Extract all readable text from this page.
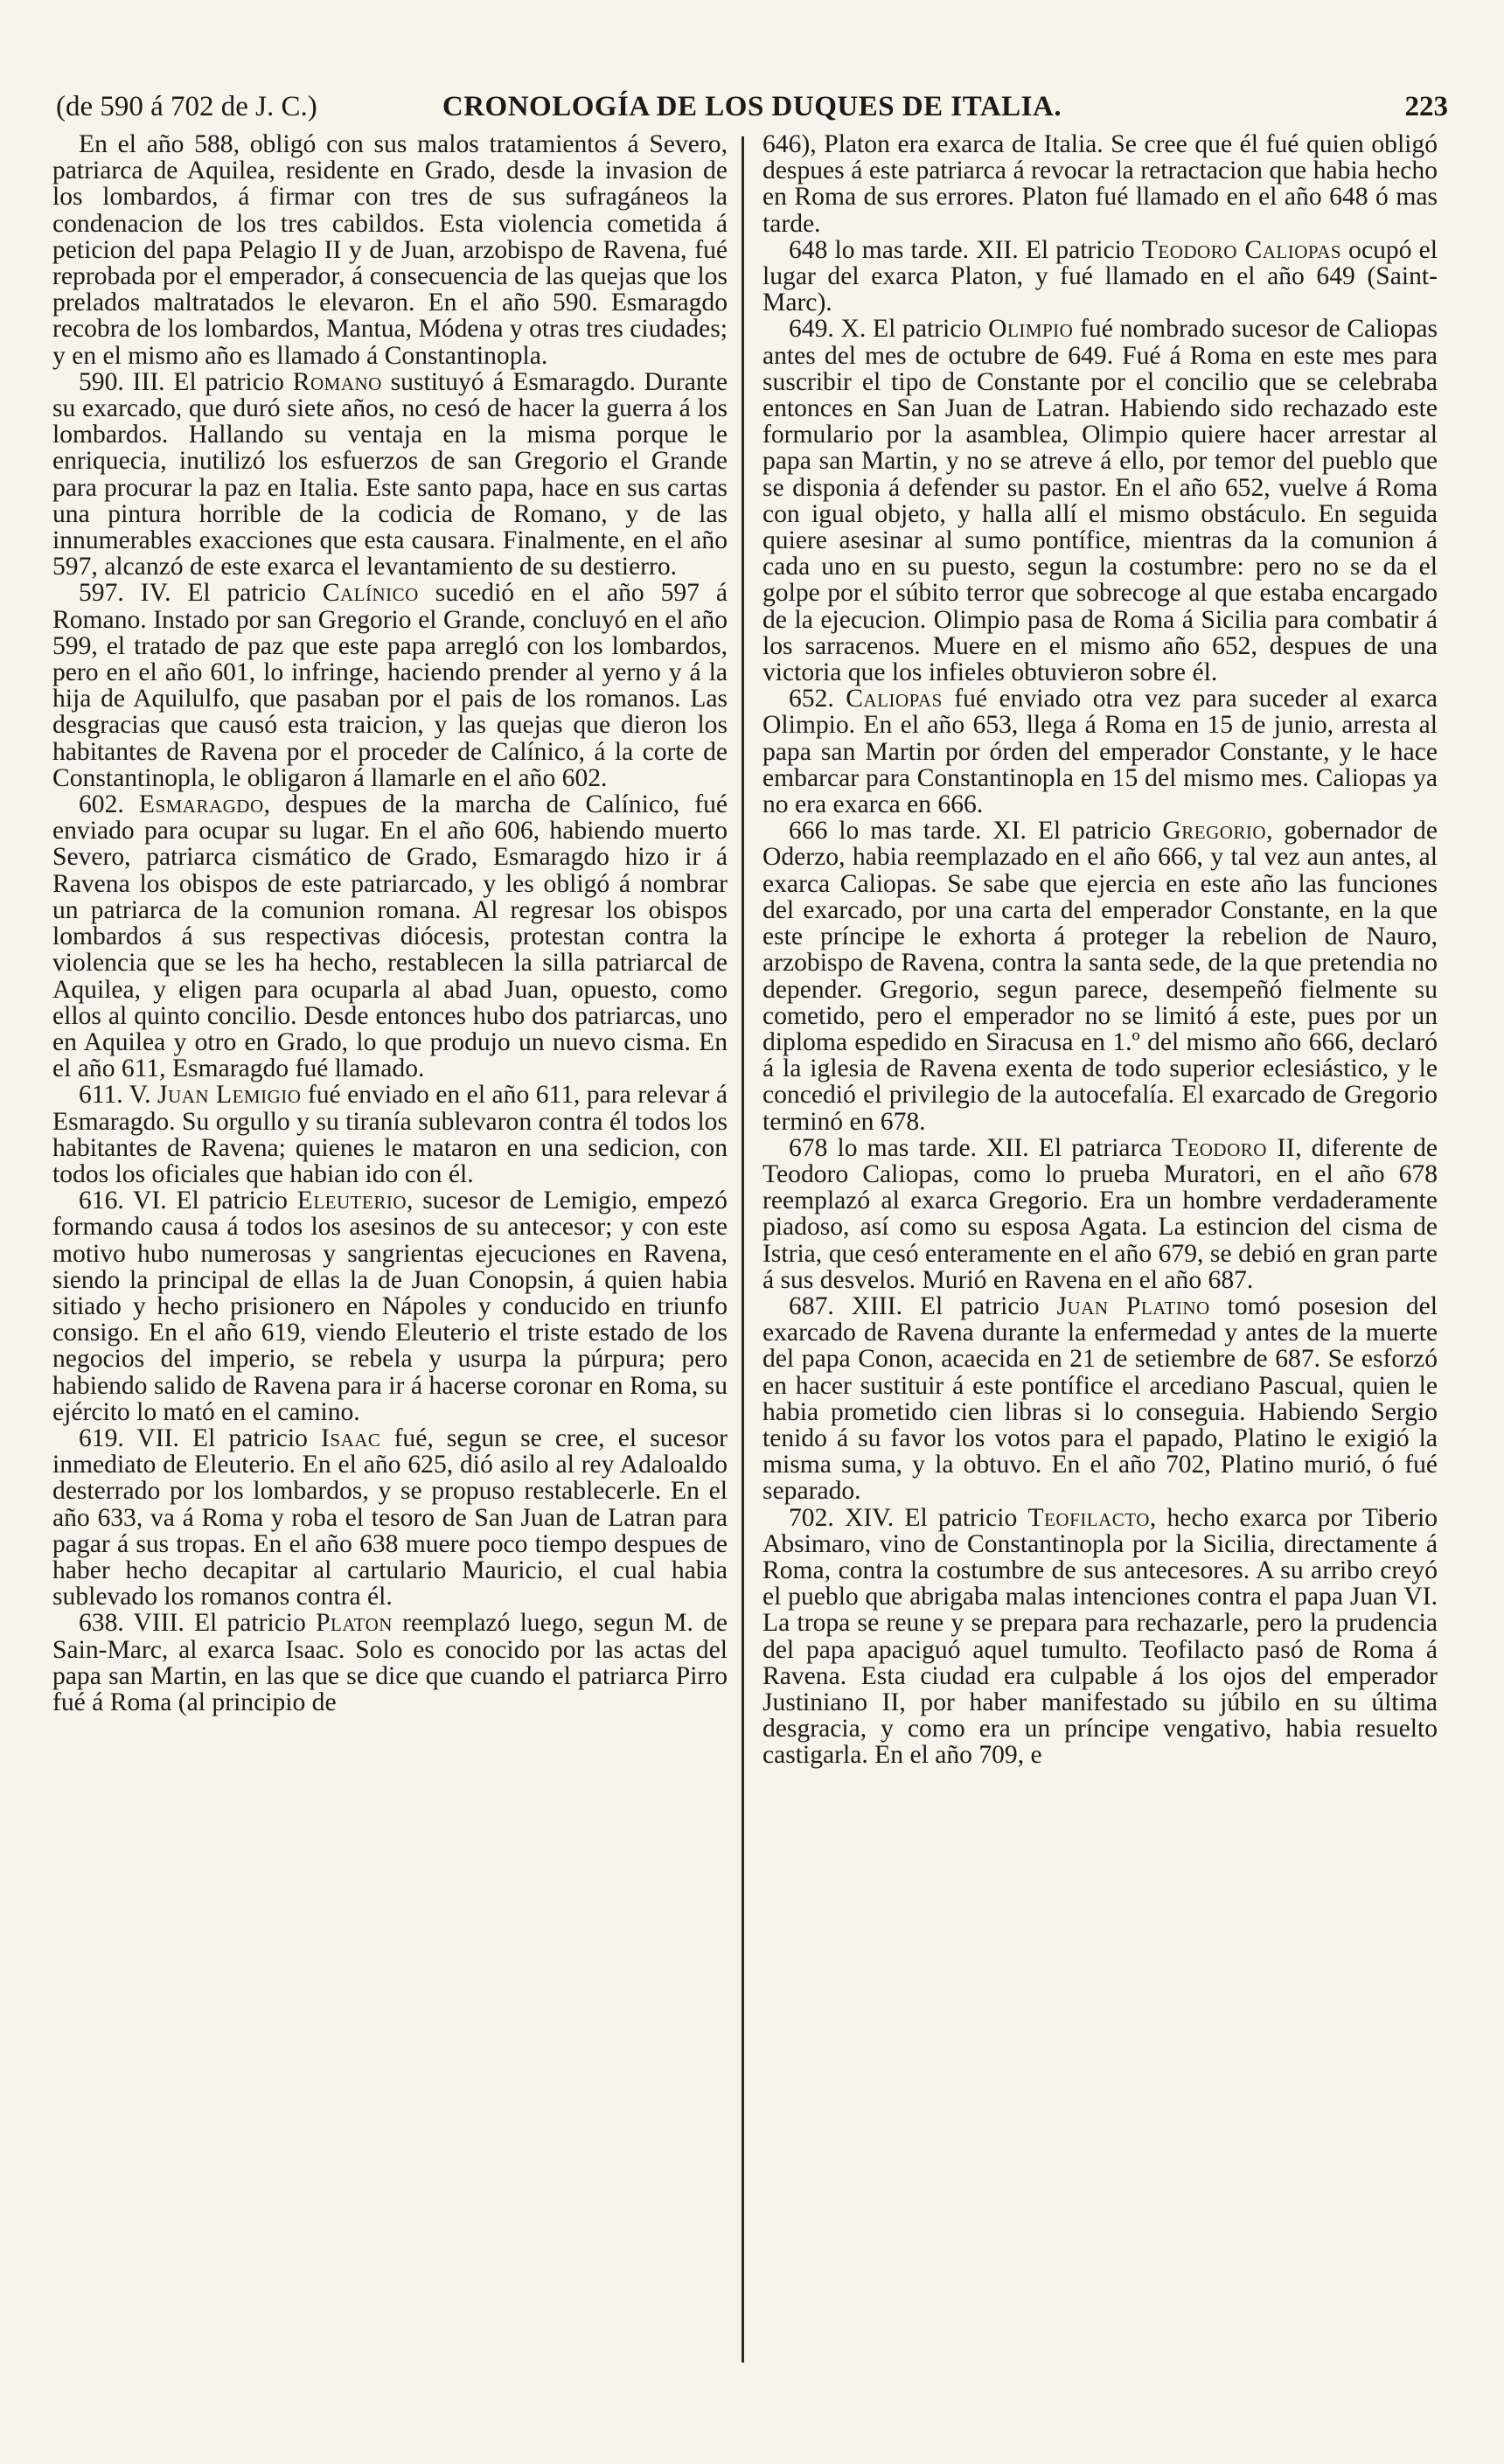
(de 590 á 702 de J. C.)	CRONOLOGÍA DE LOS DUQUES DE ITALIA.	223

En el año 588, obligó con sus malos tratamientos á Severo, patriarca de Aquilea, residente en Grado, desde la invasion de los lombardos, á firmar con tres de sus sufragáneos la condenacion de los tres cabildos. Esta violencia cometida á peticion del papa Pelagio II y de Juan, arzobispo de Ravena, fué reprobada por el emperador, á consecuencia de las quejas que los prelados maltratados le elevaron. En el año 590. Esmaragdo recobra de los lombardos, Mantua, Módena y otras tres ciudades; y en el mismo año es llamado á Constantinopla.

590. III. El patricio Romano sustituyó á Esmaragdo. Durante su exarcado, que duró siete años, no cesó de hacer la guerra á los lombardos. Hallando su ventaja en la misma porque le enriquecia, inutilizó los esfuerzos de san Gregorio el Grande para procurar la paz en Italia. Este santo papa, hace en sus cartas una pintura horrible de la codicia de Romano, y de las innumerables exacciones que esta causara. Finalmente, en el año 597, alcanzó de este exarca el levantamiento de su destierro.

597. IV. El patricio Calínico sucedió en el año 597 á Romano. Instado por san Gregorio el Grande, concluyó en el año 599, el tratado de paz que este papa arregló con los lombardos, pero en el año 601, lo infringe, haciendo prender al yerno y á la hija de Aquilulfo, que pasaban por el pais de los romanos. Las desgracias que causó esta traicion, y las quejas que dieron los habitantes de Ravena por el proceder de Calínico, á la corte de Constantinopla, le obligaron á llamarle en el año 602.

602. Esmaragdo, despues de la marcha de Calínico, fué enviado para ocupar su lugar. En el año 606, habiendo muerto Severo, patriarca cismático de Grado, Esmaragdo hizo ir á Ravena los obispos de este patriarcado, y les obligó á nombrar un patriarca de la comunion romana. Al regresar los obispos lombardos á sus respectivas diócesis, protestan contra la violencia que se les ha hecho, restablecen la silla patriarcal de Aquilea, y eligen para ocuparla al abad Juan, opuesto, como ellos al quinto concilio. Desde entonces hubo dos patriarcas, uno en Aquilea y otro en Grado, lo que produjo un nuevo cisma. En el año 611, Esmaragdo fué llamado.

611. V. Juan Lemigio fué enviado en el año 611, para relevar á Esmaragdo. Su orgullo y su tiranía sublevaron contra él todos los habitantes de Ravena; quienes le mataron en una sedicion, con todos los oficiales que habian ido con él.

616. VI. El patricio Eleuterio, sucesor de Lemigio, empezó formando causa á todos los asesinos de su antecesor; y con este motivo hubo numerosas y sangrientas ejecuciones en Ravena, siendo la principal de ellas la de Juan Conopsin, á quien habia sitiado y hecho prisionero en Nápoles y conducido en triunfo consigo. En el año 619, viendo Eleuterio el triste estado de los negocios del imperio, se rebela y usurpa la púrpura; pero habiendo salido de Ravena para ir á hacerse coronar en Roma, su ejército lo mató en el camino.

619. VII. El patricio Isaac fué, segun se cree, el sucesor inmediato de Eleuterio. En el año 625, dió asilo al rey Adaloaldo desterrado por los lombardos, y se propuso restablecerle. En el año 633, va á Roma y roba el tesoro de San Juan de Latran para pagar á sus tropas. En el año 638 muere poco tiempo despues de haber hecho decapitar al cartulario Mauricio, el cual habia sublevado los romanos contra él.

638. VIII. El patricio Platon reemplazó luego, segun M. de Sain-Marc, al exarca Isaac. Solo es conocido por las actas del papa san Martin, en las que se dice que cuando el patriarca Pirro fué á Roma (al principio de

646), Platon era exarca de Italia. Se cree que él fué quien obligó despues á este patriarca á revocar la retractacion que habia hecho en Roma de sus errores. Platon fué llamado en el año 648 ó mas tarde.

648 lo mas tarde. XII. El patricio Teodoro Caliopas ocupó el lugar del exarca Platon, y fué llamado en el año 649 (Saint-Marc).

649. X. El patricio Olimpio fué nombrado sucesor de Caliopas antes del mes de octubre de 649. Fué á Roma en este mes para suscribir el tipo de Constante por el concilio que se celebraba entonces en San Juan de Latran. Habiendo sido rechazado este formulario por la asamblea, Olimpio quiere hacer arrestar al papa san Martin, y no se atreve á ello, por temor del pueblo que se disponia á defender su pastor. En el año 652, vuelve á Roma con igual objeto, y halla allí el mismo obstáculo. En seguida quiere asesinar al sumo pontífice, mientras da la comunion á cada uno en su puesto, segun la costumbre: pero no se da el golpe por el súbito terror que sobrecoge al que estaba encargado de la ejecucion. Olimpio pasa de Roma á Sicilia para combatir á los sarracenos. Muere en el mismo año 652, despues de una victoria que los infieles obtuvieron sobre él.

652. Caliopas fué enviado otra vez para suceder al exarca Olimpio. En el año 653, llega á Roma en 15 de junio, arresta al papa san Martin por órden del emperador Constante, y le hace embarcar para Constantinopla en 15 del mismo mes. Caliopas ya no era exarca en 666.

666 lo mas tarde. XI. El patricio Gregorio, gobernador de Oderzo, habia reemplazado en el año 666, y tal vez aun antes, al exarca Caliopas. Se sabe que ejercia en este año las funciones del exarcado, por una carta del emperador Constante, en la que este príncipe le exhorta á proteger la rebelion de Nauro, arzobispo de Ravena, contra la santa sede, de la que pretendia no depender. Gregorio, segun parece, desempeñó fielmente su cometido, pero el emperador no se limitó á este, pues por un diploma espedido en Siracusa en 1.º del mismo año 666, declaró á la iglesia de Ravena exenta de todo superior eclesiástico, y le concedió el privilegio de la autocefalía. El exarcado de Gregorio terminó en 678.

678 lo mas tarde. XII. El patriarca Teodoro II, diferente de Teodoro Caliopas, como lo prueba Muratori, en el año 678 reemplazó al exarca Gregorio. Era un hombre verdaderamente piadoso, así como su esposa Agata. La estincion del cisma de Istria, que cesó enteramente en el año 679, se debió en gran parte á sus desvelos. Murió en Ravena en el año 687.

687. XIII. El patricio Juan Platino tomó posesion del exarcado de Ravena durante la enfermedad y antes de la muerte del papa Conon, acaecida en 21 de setiembre de 687. Se esforzó en hacer sustituir á este pontífice el arcediano Pascual, quien le habia prometido cien libras si lo conseguia. Habiendo Sergio tenido á su favor los votos para el papado, Platino le exigió la misma suma, y la obtuvo. En el año 702, Platino murió, ó fué separado.

702. XIV. El patricio Teofilacto, hecho exarca por Tiberio Absimaro, vino de Constantinopla por la Sicilia, directamente á Roma, contra la costumbre de sus antecesores. A su arribo creyó el pueblo que abrigaba malas intenciones contra el papa Juan VI. La tropa se reune y se prepara para rechazarle, pero la prudencia del papa apaciguó aquel tumulto. Teofilacto pasó de Roma á Ravena. Esta ciudad era culpable á los ojos del emperador Justiniano II, por haber manifestado su júbilo en su última desgracia, y como era un príncipe vengativo, habia resuelto castigarla. En el año 709, e
